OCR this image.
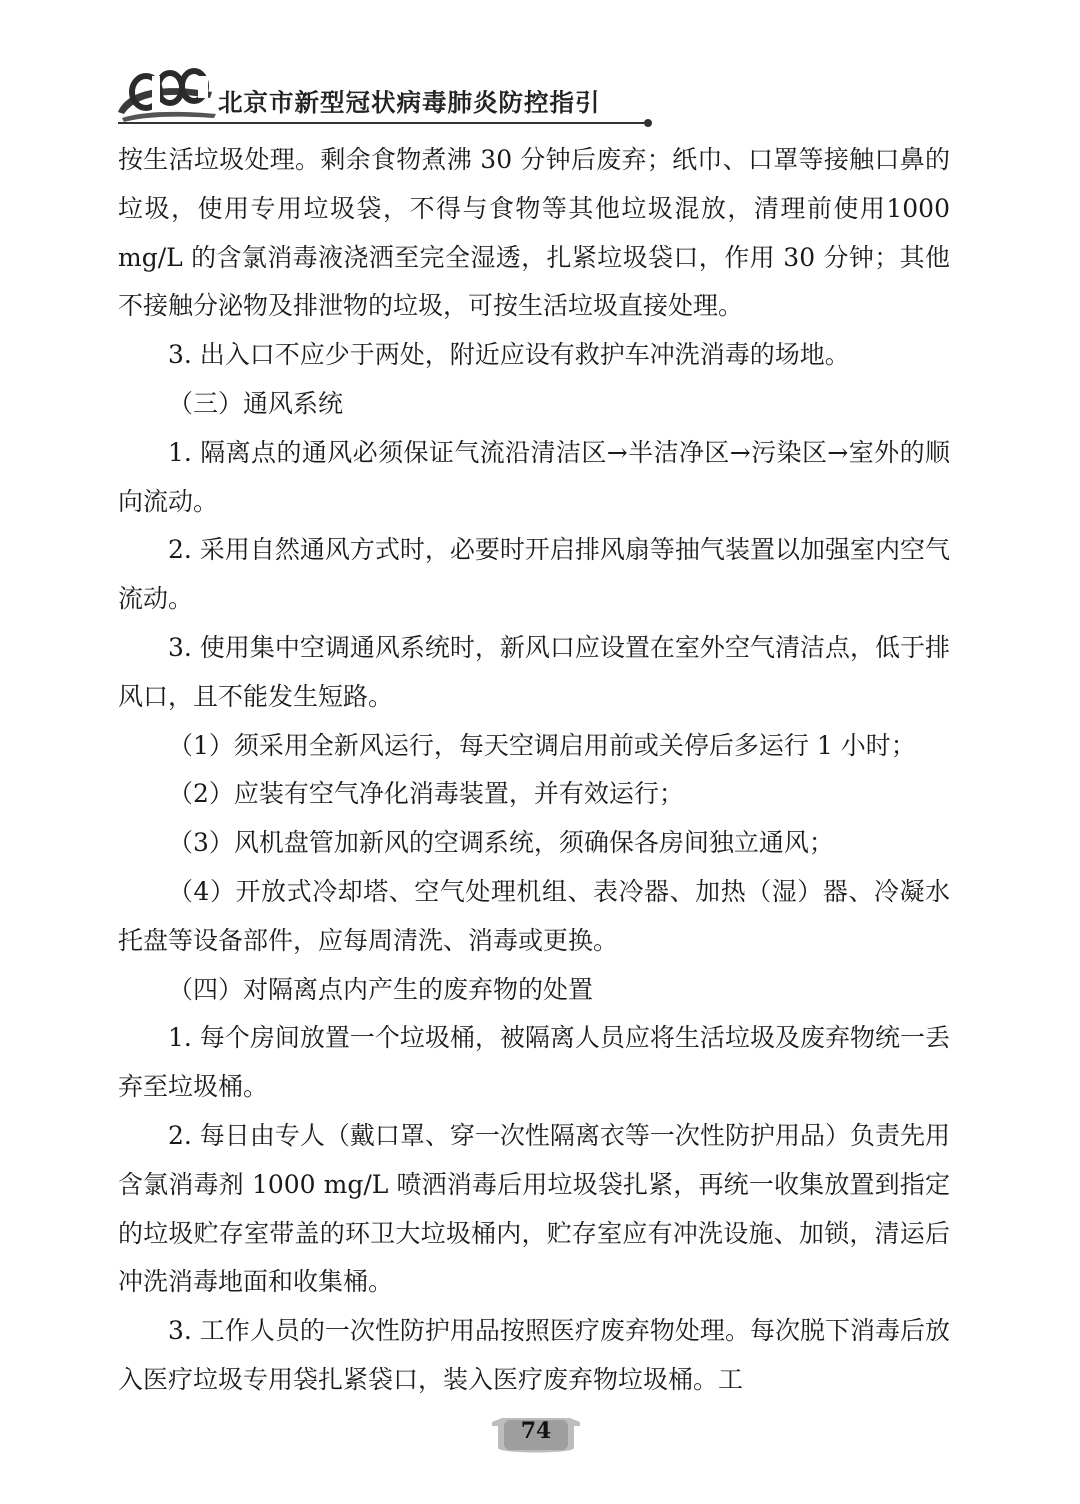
北京市新型冠状病毒肺炎防控指引

按生活垃圾处理。剩余食物煮沸 30 分钟后废弃；纸巾、口罩等接触口鼻的垃圾，使用专用垃圾袋，不得与食物等其他垃圾混放，清理前使用1000 mg/L 的含氯消毒液浇洒至完全湿透，扎紧垃圾袋口，作用 30 分钟；其他不接触分泌物及排泄物的垃圾，可按生活垃圾直接处理。

3. 出入口不应少于两处，附近应设有救护车冲洗消毒的场地。

（三）通风系统

1. 隔离点的通风必须保证气流沿清洁区→半洁净区→污染区→室外的顺向流动。

2. 采用自然通风方式时，必要时开启排风扇等抽气装置以加强室内空气流动。

3. 使用集中空调通风系统时，新风口应设置在室外空气清洁点，低于排风口，且不能发生短路。

（1）须采用全新风运行，每天空调启用前或关停后多运行 1 小时；

（2）应装有空气净化消毒装置，并有效运行；

（3）风机盘管加新风的空调系统，须确保各房间独立通风；

（4）开放式冷却塔、空气处理机组、表冷器、加热（湿）器、冷凝水托盘等设备部件，应每周清洗、消毒或更换。

（四）对隔离点内产生的废弃物的处置

1. 每个房间放置一个垃圾桶，被隔离人员应将生活垃圾及废弃物统一丢弃至垃圾桶。

2. 每日由专人（戴口罩、穿一次性隔离衣等一次性防护用品）负责先用含氯消毒剂 1000 mg/L 喷洒消毒后用垃圾袋扎紧，再统一收集放置到指定的垃圾贮存室带盖的环卫大垃圾桶内，贮存室应有冲洗设施、加锁，清运后冲洗消毒地面和收集桶。

3. 工作人员的一次性防护用品按照医疗废弃物处理。每次脱下消毒后放入医疗垃圾专用袋扎紧袋口，装入医疗废弃物垃圾桶。工

74
